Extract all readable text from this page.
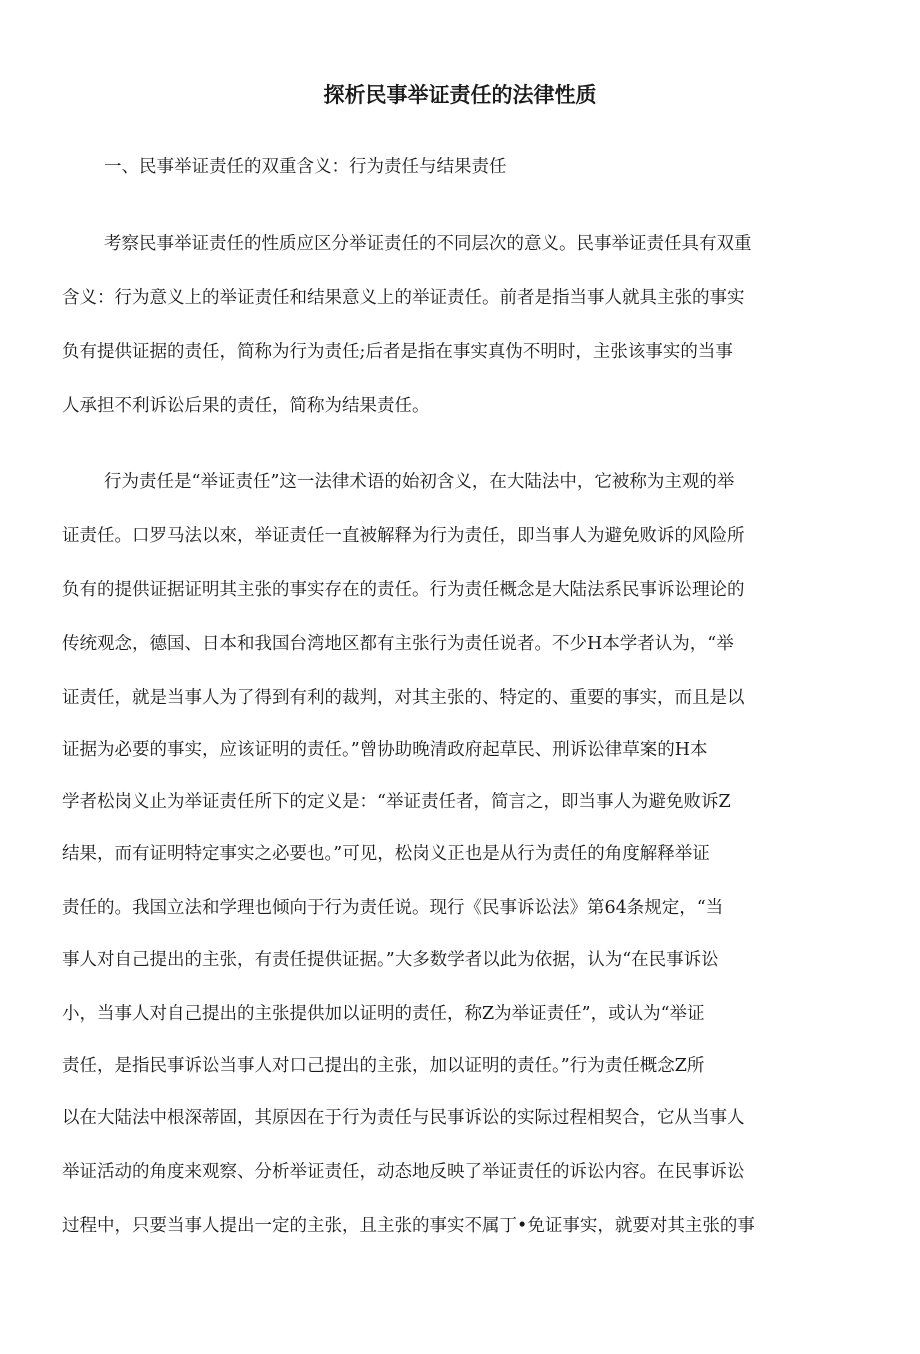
探析民事举证责任的法律性质

一、民事举证责任的双重含义：行为责任与结果责任

考察民事举证责任的性质应区分举证责任的不同层次的意义。民事举证责任具有双重

含义：行为意义上的举证责任和结果意义上的举证责任。前者是指当事人就具主张的事实

负有提供证据的责任，简称为行为责任;后者是指在事实真伪不明时，主张该事实的当事

人承担不利诉讼后果的责任，简称为结果责任。

行为责任是“举证责任”这一法律术语的始初含义，在大陆法中，它被称为主观的举

证责任。口罗马法以來，举证责任一直被解释为行为责任，即当事人为避免败诉的风险所

负有的提供证据证明其主张的事实存在的责任。行为责任概念是大陆法系民事诉讼理论的

传统观念，德国、日本和我国台湾地区都有主张行为责任说者。不少H本学者认为，“举

证责任，就是当事人为了得到有利的裁判，对其主张的、特定的、重要的事实，而且是以

证据为必要的事实，应该证明的责任。”曾协助晚清政府起草民、刑诉讼律草案的H本

学者松岗义止为举证责任所下的定义是：“举证责任者，简言之，即当事人为避免败诉Z

结果，而有证明特定事实之必要也。”可见，松岗义正也是从行为责任的角度解释举证

责任的。我国立法和学理也倾向于行为责任说。现行《民事诉讼法》第64条规定，“当

事人对自己提出的主张，有责任提供证据。”大多数学者以此为依据，认为“在民事诉讼

小，当事人对自己提出的主张提供加以证明的责任，称Z为举证责任”，或认为“举证

责任，是指民事诉讼当事人对口己提出的主张，加以证明的责任。”行为责任概念Z所

以在大陆法中根深蒂固，其原因在于行为责任与民事诉讼的实际过程相契合，它从当事人

举证活动的角度来观察、分析举证责任，动态地反映了举证责任的诉讼内容。在民事诉讼

过程中，只要当事人提出一定的主张，且主张的事实不属丁•免证事实，就要对其主张的事
